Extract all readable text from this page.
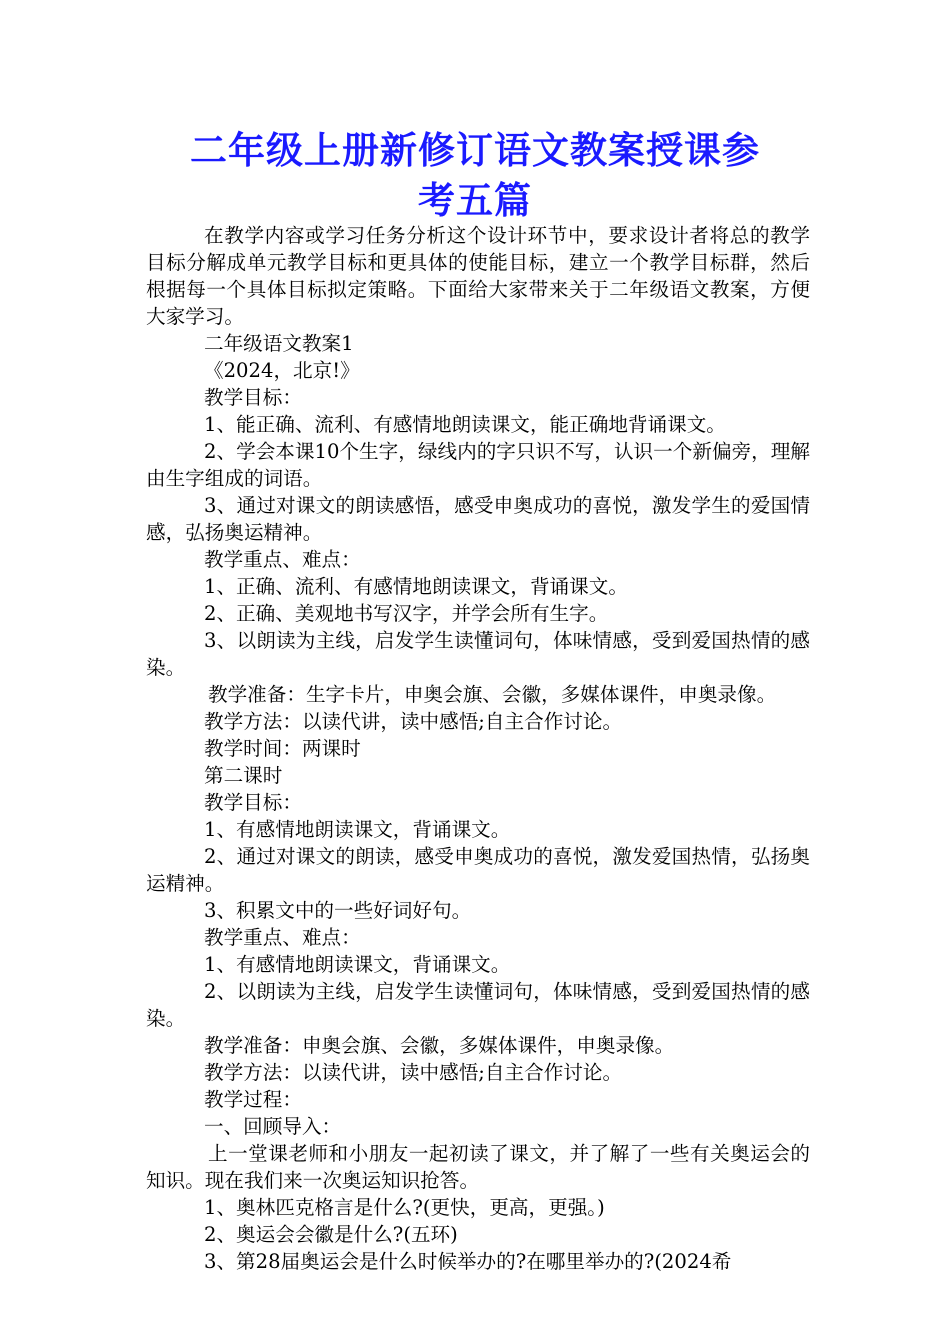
二年级上册新修订语文教案授课参
考五篇

在教学内容或学习任务分析这个设计环节中，要求设计者将总的教学目标分解成单元教学目标和更具体的使能目标，建立一个教学目标群，然后根据每一个具体目标拟定策略。下面给大家带来关于二年级语文教案，方便大家学习。

二年级语文教案1

《2024，北京!》

教学目标：

1、能正确、流利、有感情地朗读课文，能正确地背诵课文。

2、学会本课10个生字，绿线内的字只识不写，认识一个新偏旁，理解由生字组成的词语。

3、通过对课文的朗读感悟，感受申奥成功的喜悦，激发学生的爱国情感，弘扬奥运精神。

教学重点、难点：

1、正确、流利、有感情地朗读课文，背诵课文。

2、正确、美观地书写汉字，并学会所有生字。

3、以朗读为主线，启发学生读懂词句，体味情感，受到爱国热情的感染。

教学准备：生字卡片，申奥会旗、会徽，多媒体课件，申奥录像。

教学方法：以读代讲，读中感悟;自主合作讨论。

教学时间：两课时

第二课时

教学目标：

1、有感情地朗读课文，背诵课文。

2、通过对课文的朗读，感受申奥成功的喜悦，激发爱国热情，弘扬奥运精神。

3、积累文中的一些好词好句。

教学重点、难点：

1、有感情地朗读课文，背诵课文。

2、以朗读为主线，启发学生读懂词句，体味情感，受到爱国热情的感染。

教学准备：申奥会旗、会徽，多媒体课件，申奥录像。

教学方法：以读代讲，读中感悟;自主合作讨论。

教学过程：

一、回顾导入：

上一堂课老师和小朋友一起初读了课文，并了解了一些有关奥运会的知识。现在我们来一次奥运知识抢答。

1、奥林匹克格言是什么?(更快，更高，更强。)

2、奥运会会徽是什么?(五环)

3、第28届奥运会是什么时候举办的?在哪里举办的?(2024希
